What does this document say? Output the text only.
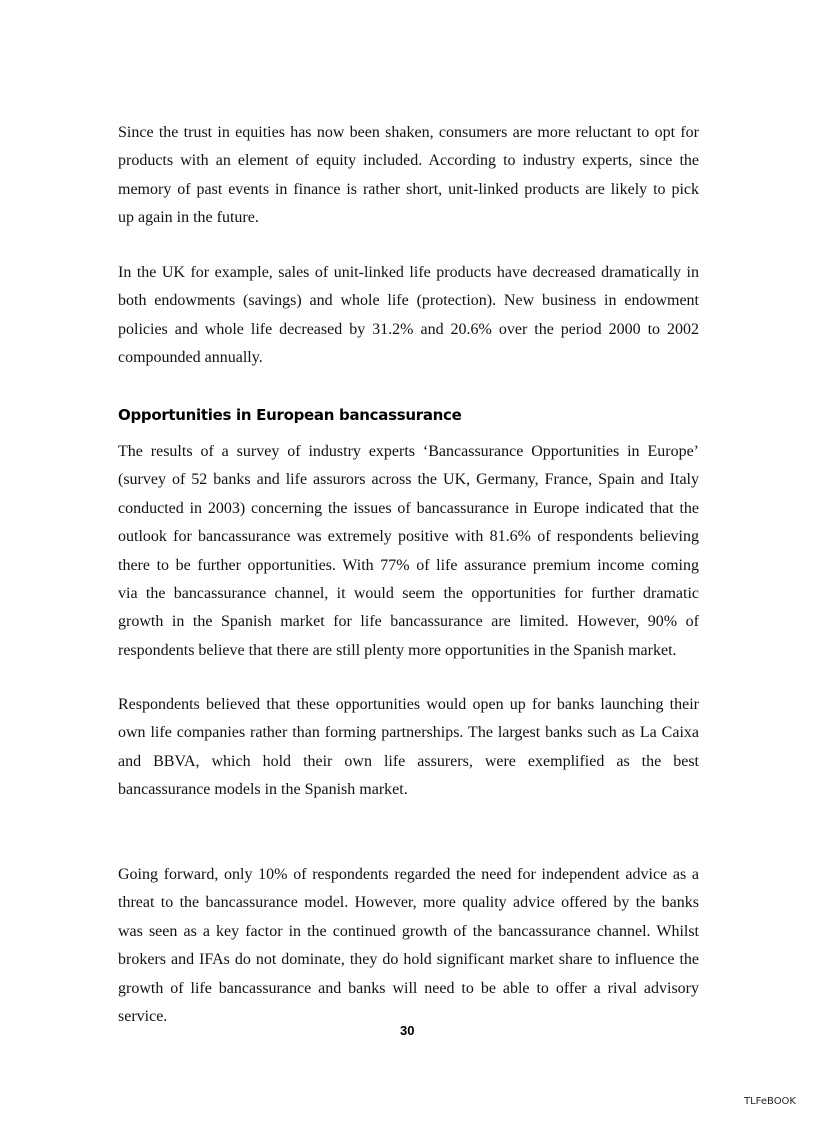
Since the trust in equities has now been shaken, consumers are more reluctant to opt for
products with an element of equity included. According to industry experts, since the
memory of past events in finance is rather short, unit-linked products are likely to pick
up again in the future.
In the UK for example, sales of unit-linked life products have decreased dramatically in
both endowments (savings) and whole life (protection). New business in endowment
policies and whole life decreased by 31.2% and 20.6% over the period 2000 to 2002
compounded annually.
Opportunities in European bancassurance
The results of a survey of industry experts ‘Bancassurance Opportunities in Europe’
(survey of 52 banks and life assurors across the UK, Germany, France, Spain and Italy
conducted in 2003) concerning the issues of bancassurance in Europe indicated that the
outlook for bancassurance was extremely positive with 81.6% of respondents believing
there to be further opportunities. With 77% of life assurance premium income coming
via the bancassurance channel, it would seem the opportunities for further dramatic
growth in the Spanish market for life bancassurance are limited. However, 90% of
respondents believe that there are still plenty more opportunities in the Spanish market.
Respondents believed that these opportunities would open up for banks launching their
own life companies rather than forming partnerships. The largest banks such as La Caixa
and BBVA, which hold their own life assurers, were exemplified as the best
bancassurance models in the Spanish market.
Going forward, only 10% of respondents regarded the need for independent advice as a
threat to the bancassurance model. However, more quality advice offered by the banks
was seen as a key factor in the continued growth of the bancassurance channel. Whilst
brokers and IFAs do not dominate, they do hold significant market share to influence the
growth of life bancassurance and banks will need to be able to offer a rival advisory
service.
30
TLFeBOOK
